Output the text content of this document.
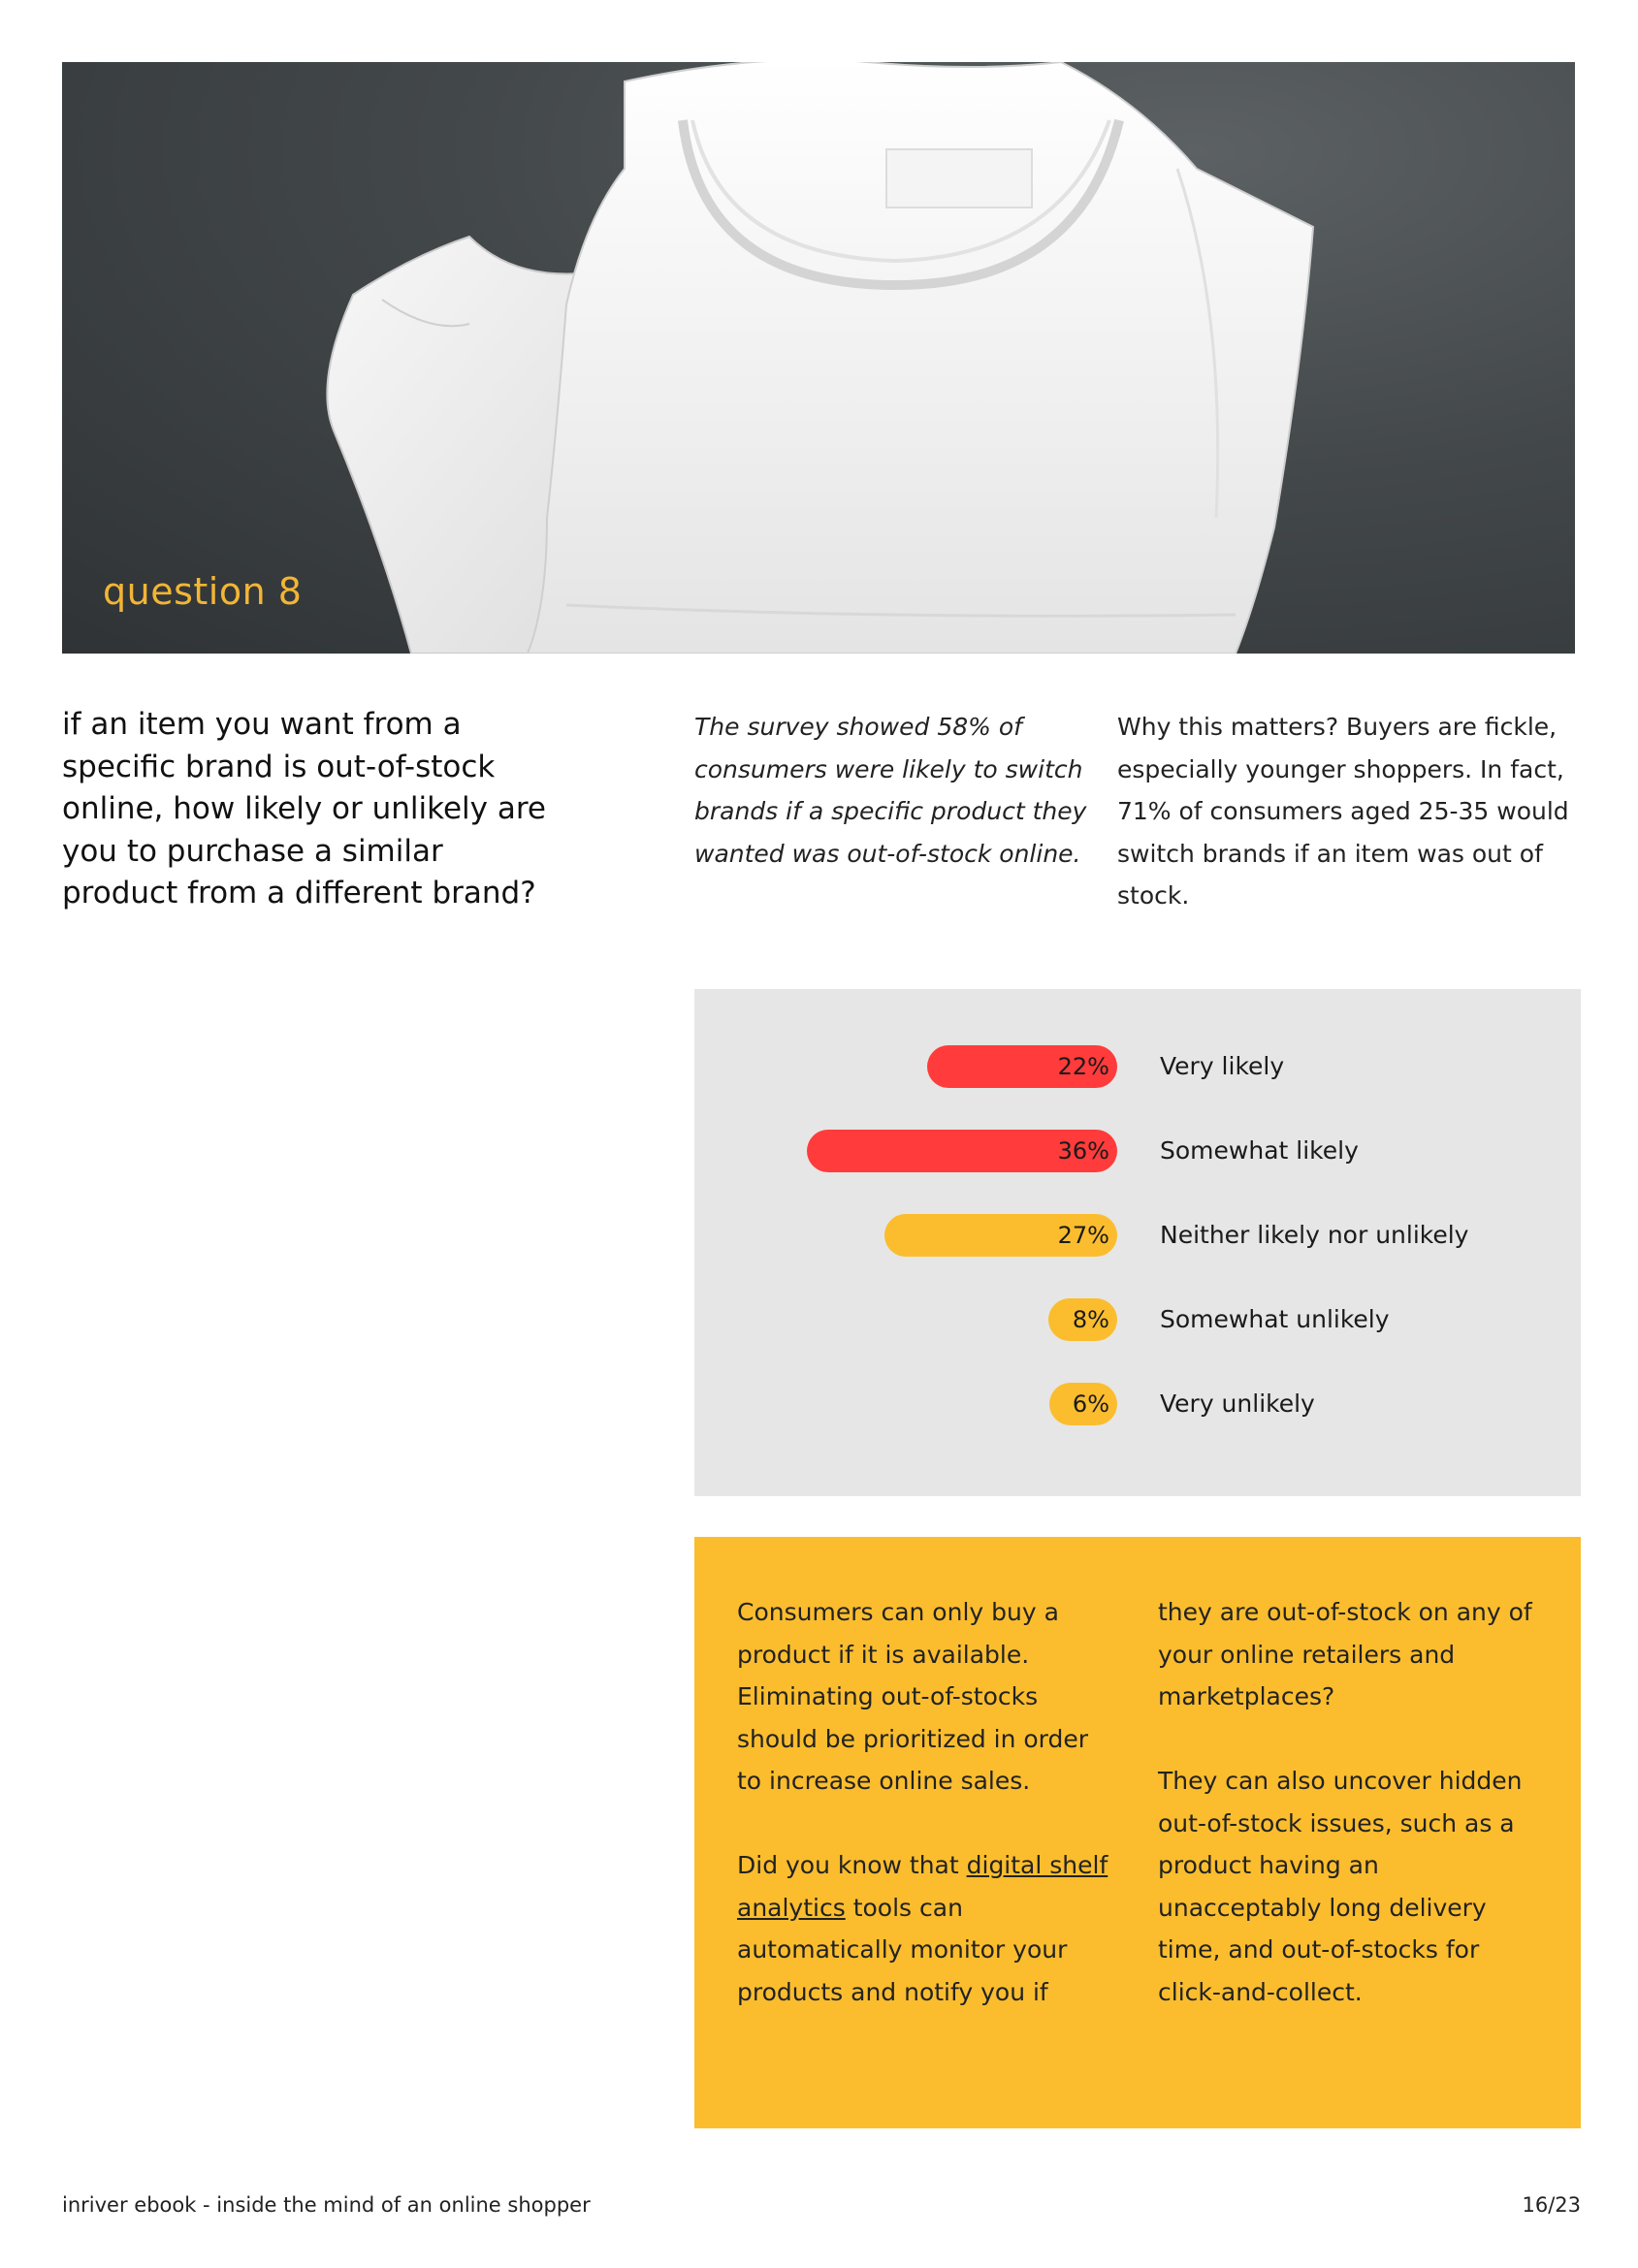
question 8
if an item you want from a specific brand is out-of-stock online, how likely or unlikely are you to purchase a similar product from a different brand?
The survey showed 58% of consumers were likely to switch brands if a specific product they wanted was out-of-stock online.
Why this matters? Buyers are fickle, especially younger shoppers. In fact, 71% of consumers aged 25-35 would switch brands if an item was out of stock.
22%	Very likely
36%	Somewhat likely
27%	Neither likely nor unlikely
8%	Somewhat unlikely
6%	Very unlikely

Consumers can only buy a product if it is available. Eliminating out-of-stocks should be prioritized in order to increase online sales.

Did you know that digital shelf analytics tools can automatically monitor your products and notify you if

they are out-of-stock on any of your online retailers and marketplaces?

They can also uncover hidden out-of-stock issues, such as a product having an unacceptably long delivery time, and out-of-stocks for click-and-collect.

inriver ebook - inside the mind of an online shopper	16/23
